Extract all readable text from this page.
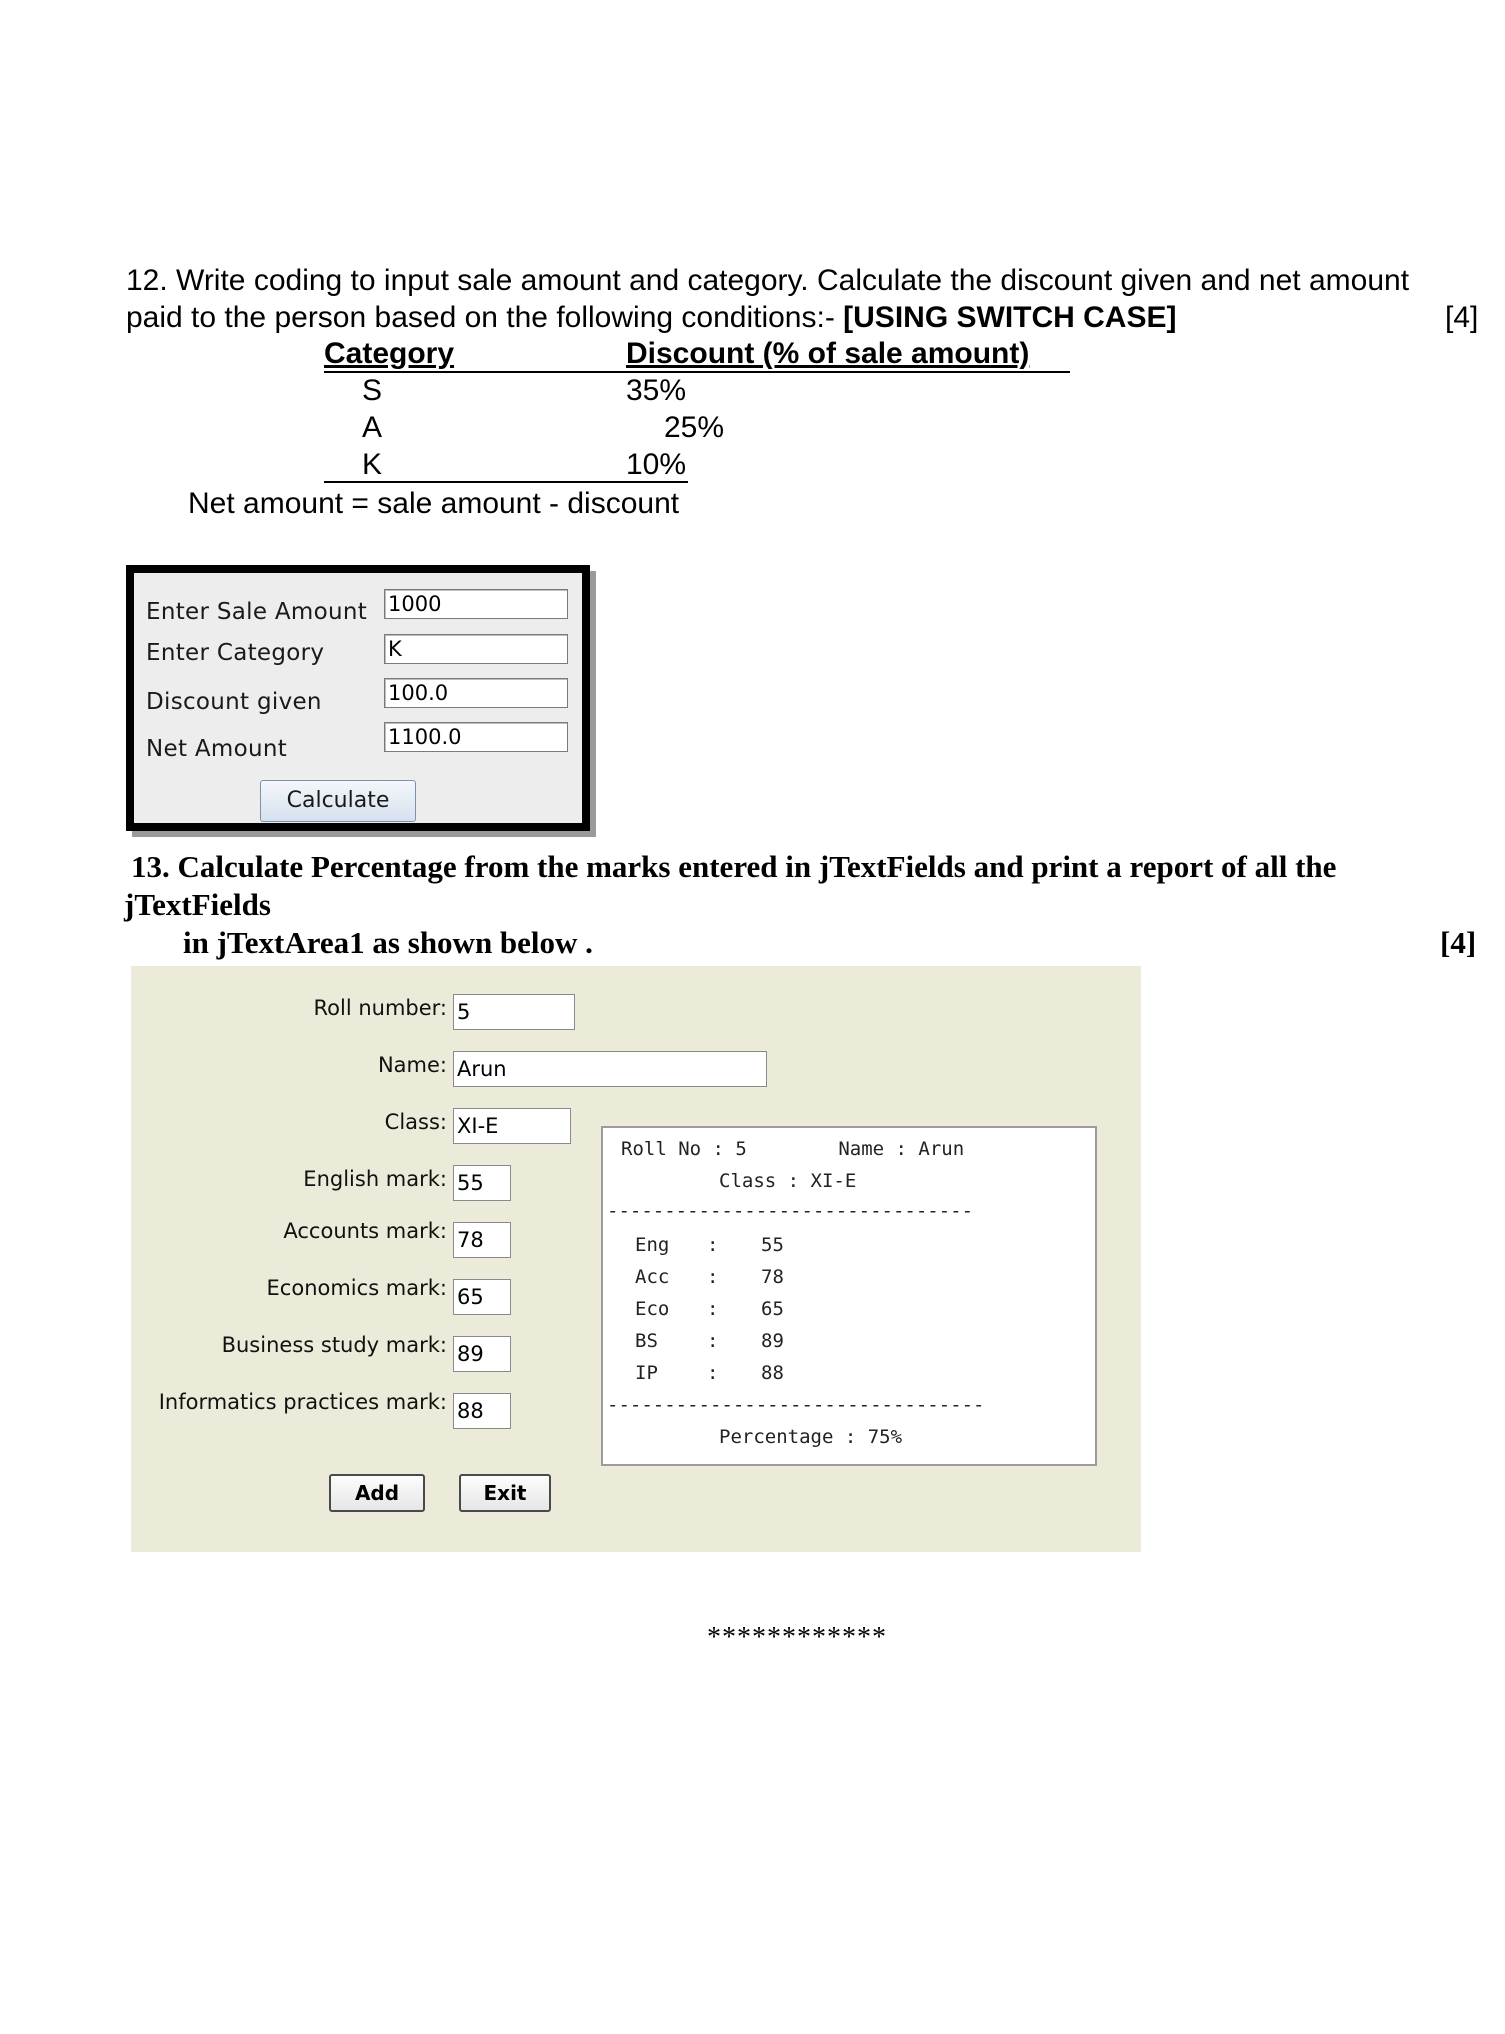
12. Write coding to input sale amount and category. Calculate the discount given and net amount
paid to the person based on the following conditions:- [USING SWITCH CASE]	[4]
Category	Discount (% of sale amount)
S	35%
A	25%
K	10%
Net amount = sale amount - discount
Enter Sale Amount 1000
Enter Category	K
Discount given	100.0
Net Amount	1100.0
Calculate
13. Calculate Percentage from the marks entered in jTextFields and print a report of all the
jTextFields
in jTextArea1 as shown below .	[4]
Roll number: 5
Name: Arun
Class: XI-E
English mark: 55
Accounts mark: 78
Economics mark: 65
Business study mark: 89
Informatics practices mark: 88
Add	Exit
Roll No : 5        Name : Arun
Class : XI-E
--------------------------------
Eng : 55
Acc : 78
Eco : 65
BS	: 89
IP	: 88
---------------------------------
Percentage : 75%
************
